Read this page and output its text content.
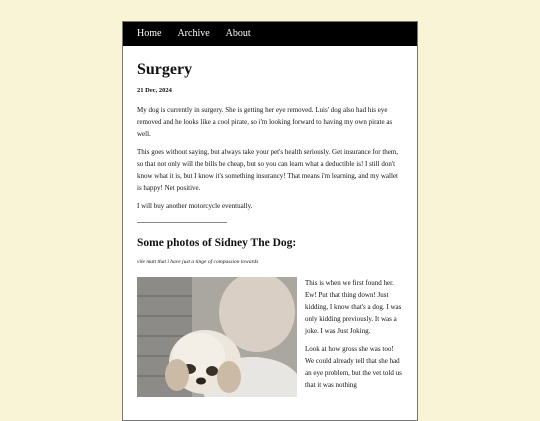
Home Archive About
Surgery
21 Dec, 2024

My dog is currently in surgery. She is getting her eye removed. Luis' dog also had his eye removed and he looks like a cool pirate, so i'm looking forward to having my own pirate as well.

This goes without saying, but always take your pet's health seriously. Get insurance for them, so that not only will the bills be cheap, but so you can learn what a deductible is! I still don't know what it is, but I know it's something insurancy! That means i'm learning, and my wallet is happy! Net positive.

I will buy another motorcycle eventually.

Some photos of Sidney The Dog:
vile mutt that i have just a tinge of compassion towards

This is when we first found her. Ew! Put that thing down! Just kidding, I know that's a dog. I was only kidding previously. It was a joke. I was Just Joking.

Look at how gross she was too! We could already tell that she had an eye problem, but the vet told us that it was nothing
